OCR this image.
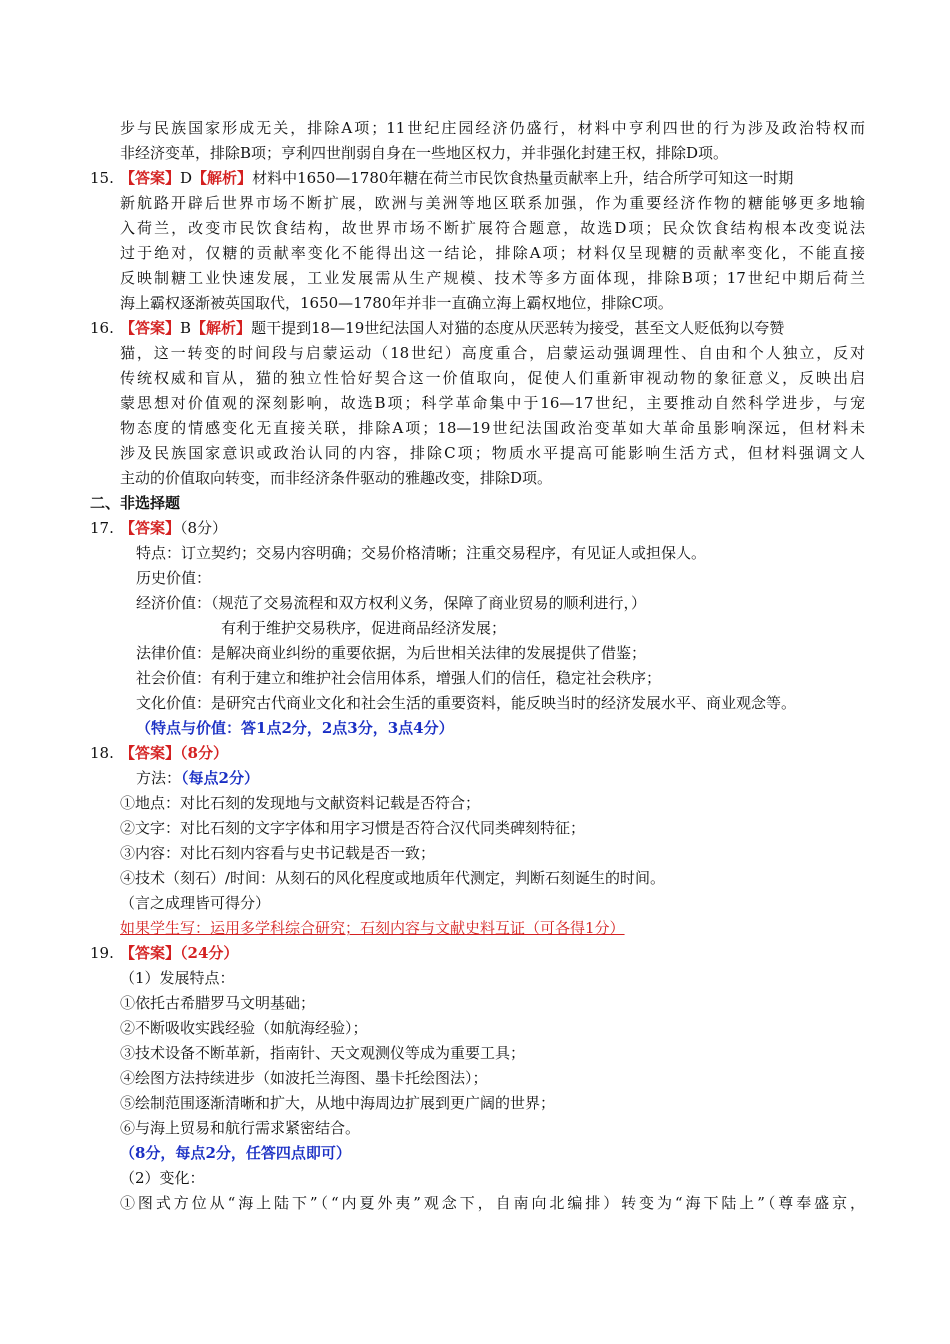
步与民族国家形成无关，排除A项；11世纪庄园经济仍盛行，材料中亨利四世的行为涉及政治特权而
非经济变革，排除B项；亨利四世削弱自身在一些地区权力，并非强化封建王权，排除D项。
15. 【答案】D【解析】材料中1650—1780年糖在荷兰市民饮食热量贡献率上升，结合所学可知这一时期
新航路开辟后世界市场不断扩展，欧洲与美洲等地区联系加强，作为重要经济作物的糖能够更多地输
入荷兰，改变市民饮食结构，故世界市场不断扩展符合题意，故选D项；民众饮食结构根本改变说法
过于绝对，仅糖的贡献率变化不能得出这一结论，排除A项；材料仅呈现糖的贡献率变化，不能直接
反映制糖工业快速发展，工业发展需从生产规模、技术等多方面体现，排除B项；17世纪中期后荷兰
海上霸权逐渐被英国取代，1650—1780年并非一直确立海上霸权地位，排除C项。
16. 【答案】B【解析】题干提到18—19世纪法国人对猫的态度从厌恶转为接受，甚至文人贬低狗以夸赞
猫，这一转变的时间段与启蒙运动（18世纪）高度重合，启蒙运动强调理性、自由和个人独立，反对
传统权威和盲从，猫的独立性恰好契合这一价值取向，促使人们重新审视动物的象征意义，反映出启
蒙思想对价值观的深刻影响，故选B项；科学革命集中于16—17世纪，主要推动自然科学进步，与宠
物态度的情感变化无直接关联，排除A项；18—19世纪法国政治变革如大革命虽影响深远，但材料未
涉及民族国家意识或政治认同的内容，排除C项；物质水平提高可能影响生活方式，但材料强调文人
主动的价值取向转变，而非经济条件驱动的雅趣改变，排除D项。
二、非选择题
17. 【答案】（8分）
特点：订立契约；交易内容明确；交易价格清晰；注重交易程序，有见证人或担保人。
历史价值：
经济价值：（规范了交易流程和双方权利义务，保障了商业贸易的顺利进行，）
有利于维护交易秩序，促进商品经济发展；
法律价值：是解决商业纠纷的重要依据，为后世相关法律的发展提供了借鉴；
社会价值：有利于建立和维护社会信用体系，增强人们的信任，稳定社会秩序；
文化价值：是研究古代商业文化和社会生活的重要资料，能反映当时的经济发展水平、商业观念等。
（特点与价值：答1点2分，2点3分，3点4分）
18. 【答案】（8分）
方法：（每点2分）
①地点：对比石刻的发现地与文献资料记载是否符合；
②文字：对比石刻的文字字体和用字习惯是否符合汉代同类碑刻特征；
③内容：对比石刻内容看与史书记载是否一致；
④技术（刻石）/时间：从刻石的风化程度或地质年代测定，判断石刻诞生的时间。
（言之成理皆可得分）
如果学生写：运用多学科综合研究；石刻内容与文献史料互证（可各得1分）
19. 【答案】（24分）
（1）发展特点：
①依托古希腊罗马文明基础；
②不断吸收实践经验（如航海经验）；
③技术设备不断革新，指南针、天文观测仪等成为重要工具；
④绘图方法持续进步（如波托兰海图、墨卡托绘图法）；
⑤绘制范围逐渐清晰和扩大，从地中海周边扩展到更广阔的世界；
⑥与海上贸易和航行需求紧密结合。
（8分，每点2分，任答四点即可）
（2）变化：
①图式方位从“海上陆下”（“内夏外夷”观念下，自南向北编排）转变为“海下陆上”（尊奉盛京，
